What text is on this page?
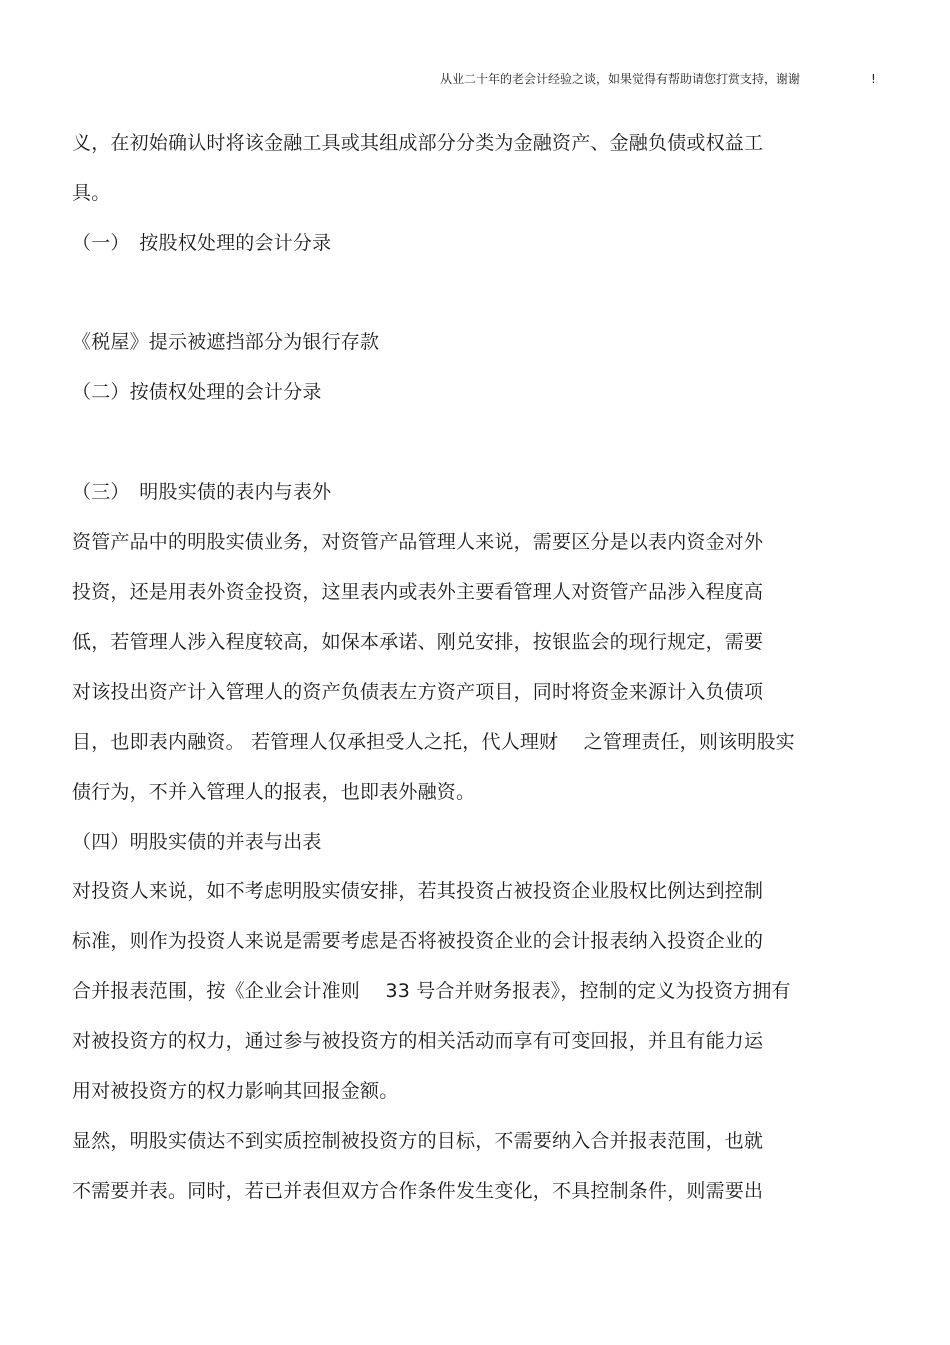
从业二十年的老会计经验之谈，如果觉得有帮助请您打赏支持，谢谢	!
义，在初始确认时将该金融工具或其组成部分分类为金融资产、金融负债或权益工
具。
（一）　按股权处理的会计分录
《税屋》提示被遮挡部分为银行存款
（二）按债权处理的会计分录
（三）　明股实债的表内与表外
资管产品中的明股实债业务，对资管产品管理人来说，需要区分是以表内资金对外
投资，还是用表外资金投资，这里表内或表外主要看管理人对资管产品涉入程度高
低，若管理人涉入程度较高，如保本承诺、刚兑安排，按银监会的现行规定，需要
对该投出资产计入管理人的资产负债表左方资产项目，同时将资金来源计入负债项
目，也即表内融资。 若管理人仅承担受人之托，代人理财　 之管理责任，则该明股实
债行为，不并入管理人的报表，也即表外融资。
（四）明股实债的并表与出表
对投资人来说，如不考虑明股实债安排，若其投资占被投资企业股权比例达到控制
标准，则作为投资人来说是需要考虑是否将被投资企业的会计报表纳入投资企业的
合并报表范围，按《企业会计准则　 33 号合并财务报表》，控制的定义为投资方拥有
对被投资方的权力，通过参与被投资方的相关活动而享有可变回报，并且有能力运
用对被投资方的权力影响其回报金额。
显然，明股实债达不到实质控制被投资方的目标，不需要纳入合并报表范围，也就
不需要并表。同时，若已并表但双方合作条件发生变化，不具控制条件，则需要出
